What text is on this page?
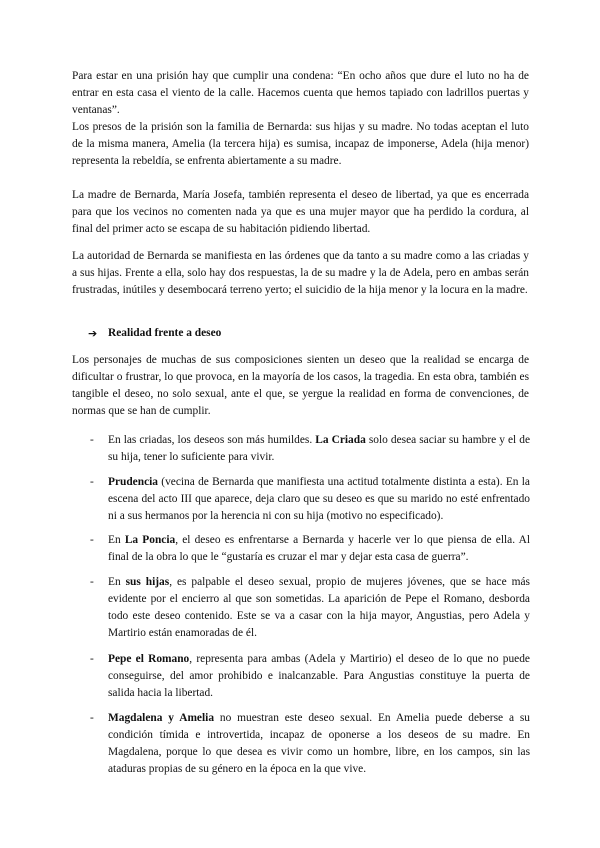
Para estar en una prisión hay que cumplir una condena: “En ocho años que dure el luto no ha de entrar en esta casa el viento de la calle. Hacemos cuenta que hemos tapiado con ladrillos puertas y ventanas”.

Los presos de la prisión son la familia de Bernarda: sus hijas y su madre. No todas aceptan el luto de la misma manera, Amelia (la tercera hija) es sumisa, incapaz de imponerse, Adela (hija menor) representa la rebeldía, se enfrenta abiertamente a su madre.

La madre de Bernarda, María Josefa, también representa el deseo de libertad, ya que es encerrada para que los vecinos no comenten nada ya que es una mujer mayor que ha perdido la cordura, al final del primer acto se escapa de su habitación pidiendo libertad.

La autoridad de Bernarda se manifiesta en las órdenes que da tanto a su madre como a las criadas y a sus hijas. Frente a ella, solo hay dos respuestas, la de su madre y la de Adela, pero en ambas serán frustradas, inútiles y desembocará terreno yerto; el suicidio de la hija menor y la locura en la madre.

➔ Realidad frente a deseo

Los personajes de muchas de sus composiciones sienten un deseo que la realidad se encarga de dificultar o frustrar, lo que provoca, en la mayoría de los casos, la tragedia. En esta obra, también es tangible el deseo, no solo sexual, ante el que, se yergue la realidad en forma de convenciones, de normas que se han de cumplir.

-	En las criadas, los deseos son más humildes. La Criada solo desea saciar su hambre y el de su hija, tener lo suficiente para vivir.

-	Prudencia (vecina de Bernarda que manifiesta una actitud totalmente distinta a esta). En la escena del acto III que aparece, deja claro que su deseo es que su marido no esté enfrentado ni a sus hermanos por la herencia ni con su hija (motivo no especificado).

-	En La Poncia, el deseo es enfrentarse a Bernarda y hacerle ver lo que piensa de ella. Al final de la obra lo que le “gustaría es cruzar el mar y dejar esta casa de guerra”.

-	En sus hijas, es palpable el deseo sexual, propio de mujeres jóvenes, que se hace más evidente por el encierro al que son sometidas. La aparición de Pepe el Romano, desborda todo este deseo contenido. Este se va a casar con la hija mayor, Angustias, pero Adela y Martirio están enamoradas de él.

-	Pepe el Romano, representa para ambas (Adela y Martirio) el deseo de lo que no puede conseguirse, del amor prohibido e inalcanzable. Para Angustias constituye la puerta de salida hacia la libertad.

-	Magdalena y Amelia no muestran este deseo sexual. En Amelia puede deberse a su condición tímida e introvertida, incapaz de oponerse a los deseos de su madre. En Magdalena, porque lo que desea es vivir como un hombre, libre, en los campos, sin las ataduras propias de su género en la época en la que vive.
